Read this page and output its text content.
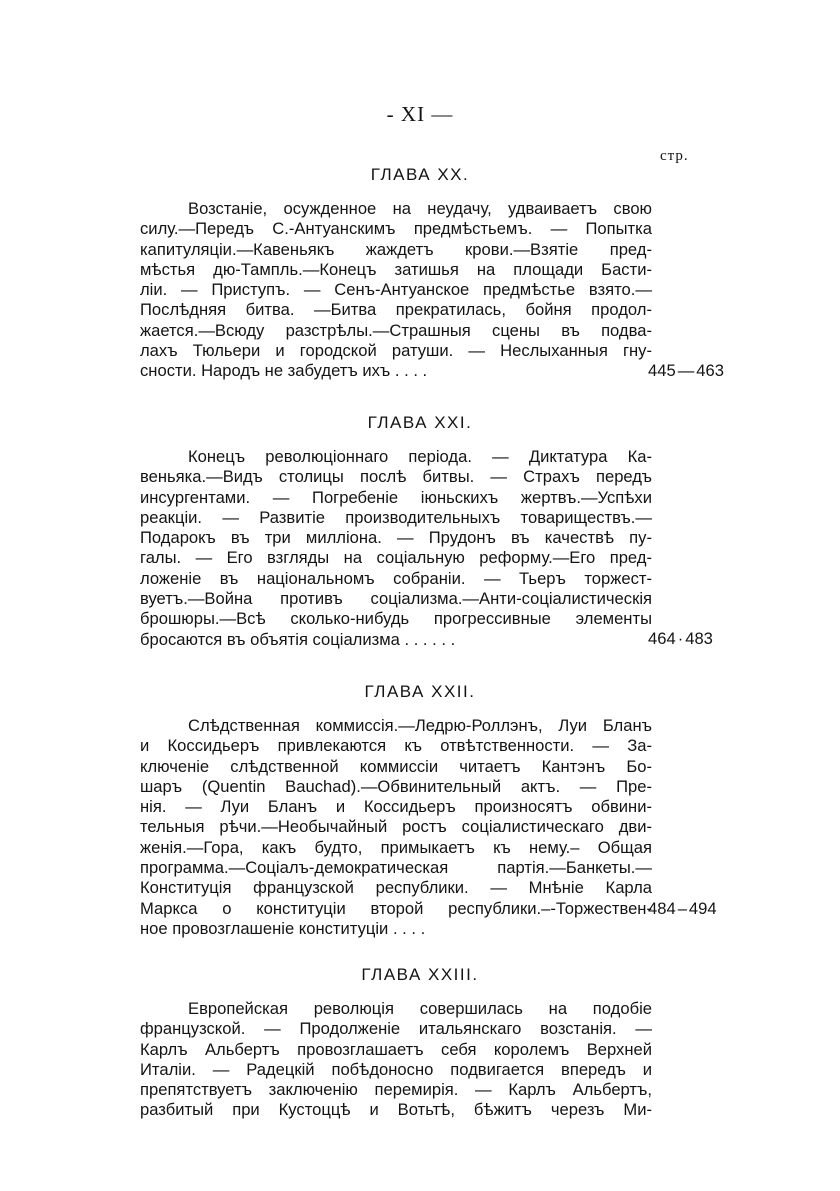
- XI —
стр.
ГЛАВА XX.
Возстаніе, осужденное на неудачу, удваиваетъ свою
силу.—Передъ С.-Антуанскимъ предмѣстьемъ. — Попытка
капитуляціи.—Кавеньякъ жаждетъ крови.—Взятіе пред-
мѣстья дю-Тампль.—Конецъ затишья на площади Басти-
ліи. — Приступъ. — Сенъ-Антуанское предмѣстье взято.—
Послѣдняя битва. —Битва прекратилась, бойня продол-
жается.—Всюду разстрѣлы.—Страшныя сцены въ подва-
лахъ Тюльери и городской ратуши. — Неслыханныя гну-
сности. Народъ не забудетъ ихъ . . . .	445 — 463
ГЛАВА XXI.
Конецъ революціоннаго періода. — Диктатура Ка-
веньяка.—Видъ столицы послѣ битвы. — Страхъ передъ
инсургентами. — Погребеніе іюньскихъ жертвъ.—Успѣхи
реакціи. — Развитіе производительныхъ товариществъ.—
Подарокъ въ три милліона. — Прудонъ въ качествѣ пу-
галы. — Его взгляды на соціальную реформу.—Его пред-
ложеніе въ національномъ собраніи. — Тьеръ торжест-
вуетъ.—Война противъ соціализма.—Анти-соціалистическія
брошюры.—Всѣ сколько-нибудь прогрессивные элементы
бросаются въ объятія соціализма . . . . . .	464 · 483
ГЛАВА XXII.
Слѣдственная коммиссія.—Ледрю-Роллэнъ, Луи Бланъ
и Коссидьеръ привлекаются къ отвѣтственности. — За-
ключеніе слѣдственной коммиссіи читаетъ Кантэнъ Бо-
шаръ (Quentin Bauchad).—Обвинительный актъ. — Пре-
нія. — Луи Бланъ и Коссидьеръ произносятъ обвини-
тельныя рѣчи.—Необычайный ростъ соціалистическаго дви-
женія.—Гора, какъ будто, примыкаетъ къ нему.– Общая
программа.—Соціалъ-демократическая партія.—Банкеты.—
Конституція французской республики. — Мнѣніе Карла
Маркса о конституціи второй республики.–-Торжествен-
ное провозглашеніе конституціи . . . .
484 – 494
ГЛАВА XXIII.
Европейская революція совершилась на подобіе
французской. — Продолженіе итальянскаго возстанія. —
Карлъ Альбертъ провозглашаетъ себя королемъ Верхней
Италіи. — Радецкій побѣдоносно подвигается впередъ и
препятствуетъ заключенію перемирія. — Карлъ Альбертъ,
разбитый при Кустоццѣ и Вотьтѣ, бѣжитъ черезъ Ми-
